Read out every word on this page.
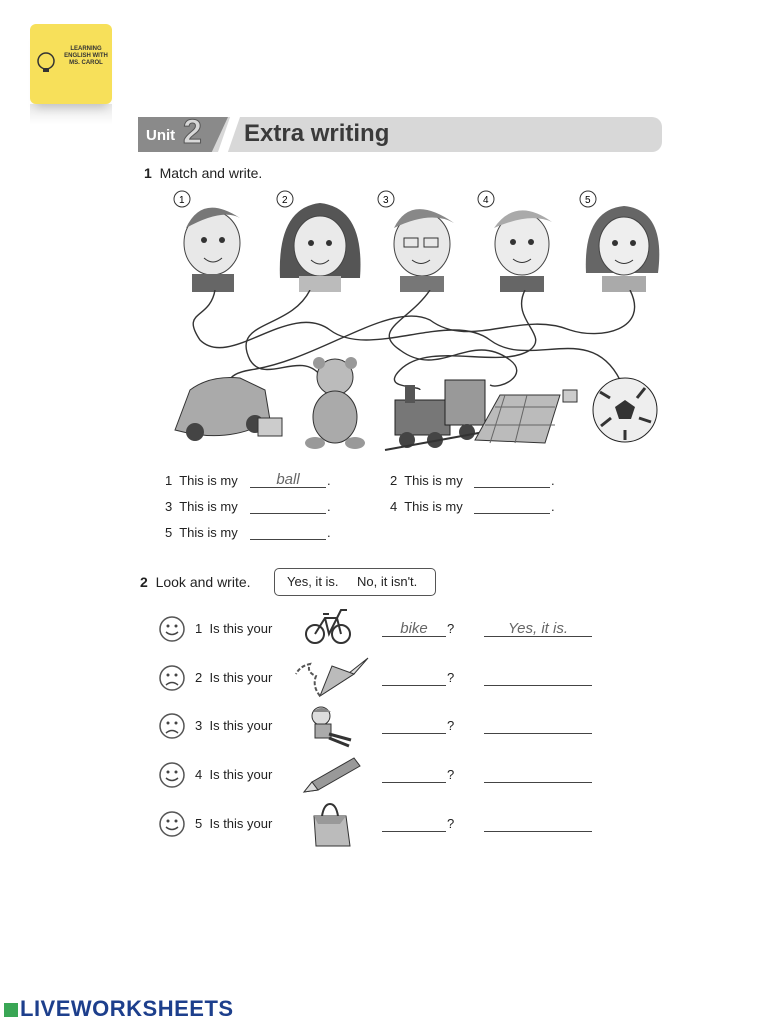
LEARNING
ENGLISH WITH
MS. CAROL
Unit 2 Extra writing
1 Match and write.
1	2	3	4	5
1 This is my	ball	.	2 This is my	.
3 This is my	.	4 This is my	.
5 This is my	.
2 Look and write.	Yes, it is. No, it isn't.
1 Is this your	bike	?	Yes, it is.
2 Is this your	?
3 Is this your	?
4 Is this your	?
5 Is this your	?
LIVEWORKSHEETS
